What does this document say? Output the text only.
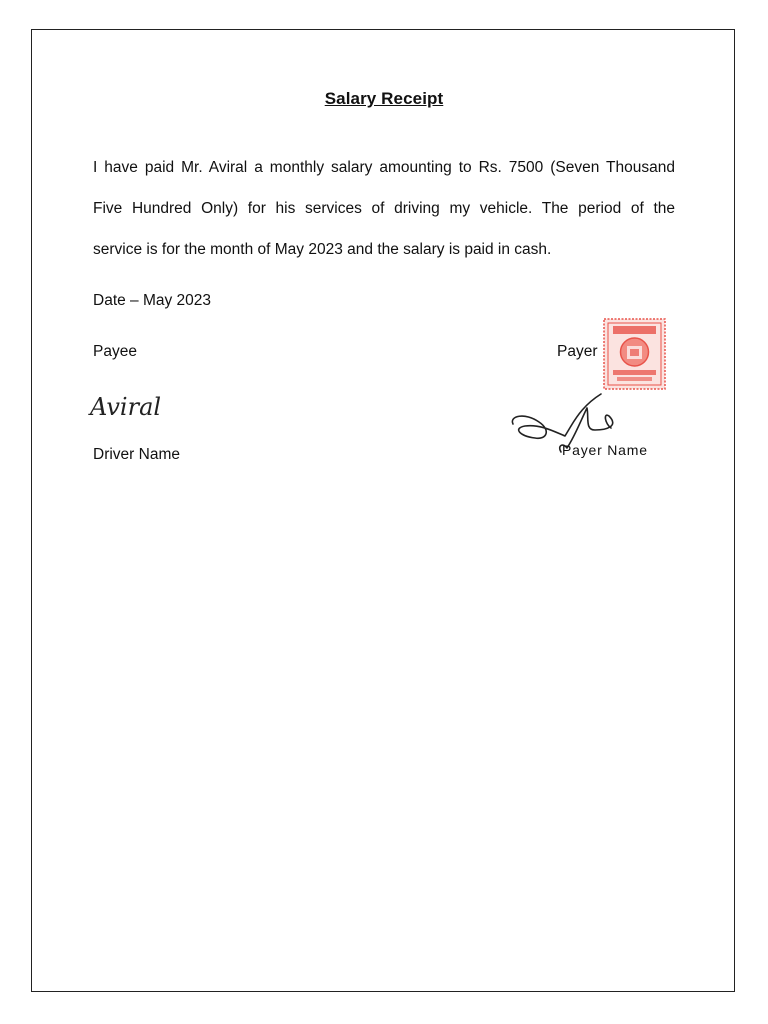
Salary Receipt
I have paid Mr. Aviral a monthly salary amounting to Rs. 7500 (Seven Thousand
Five Hundred Only) for his services of driving my vehicle. The period of the
service is for the month of May 2023 and the salary is paid in cash.
Date – May 2023
Payee	Payer
Aviral
Driver Name	Payer Name
